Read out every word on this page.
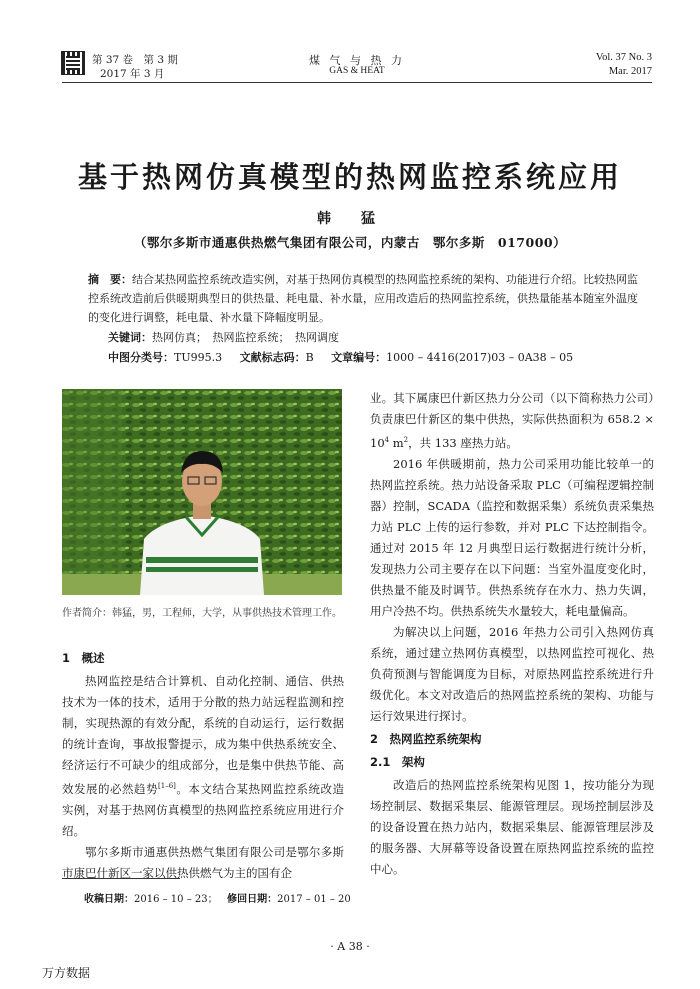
第 37 卷　第 3 期
2017 年 3 月
煤 气 与 热 力
GAS & HEAT
Vol. 37 No. 3
Mar. 2017
基于热网仿真模型的热网监控系统应用
韩　猛
（鄂尔多斯市通惠供热燃气集团有限公司，内蒙古　鄂尔多斯　017000）
摘　要：结合某热网监控系统改造实例，对基于热网仿真模型的热网监控系统的架构、功能进行介绍。比较热网监控系统改造前后供暖期典型日的供热量、耗电量、补水量，应用改造后的热网监控系统，供热量能基本随室外温度的变化进行调整，耗电量、补水量下降幅度明显。
关键词：热网仿真；　热网监控系统；　热网调度
中图分类号：TU995.3 文献标志码：B 文章编号：1000 – 4416(2017)03 – 0A38 – 05
作者简介：韩猛，男，工程师，大学，从事供热技术管理工作。

1　概述

热网监控是结合计算机、自动化控制、通信、供热技术为一体的技术，适用于分散的热力站远程监测和控制，实现热源的有效分配，系统的自动运行，运行数据的统计查询，事故报警提示，成为集中供热系统安全、经济运行不可缺少的组成部分，也是集中供热节能、高效发展的必然趋势[1–6]。本文结合某热网监控系统改造实例，对基于热网仿真模型的热网监控系统应用进行介绍。

鄂尔多斯市通惠供热燃气集团有限公司是鄂尔多斯市康巴什新区一家以供热供燃气为主的国有企

业。其下属康巴什新区热力分公司（以下简称热力公司）负责康巴什新区的集中供热，实际供热面积为 $658.2 \times 10^4$ $m^2$，共 133 座热力站。

2016 年供暖期前，热力公司采用功能比较单一的热网监控系统。热力站设备采取 PLC（可编程逻辑控制器）控制，SCADA（监控和数据采集）系统负责采集热力站 PLC 上传的运行参数，并对 PLC 下达控制指令。通过对 2015 年 12 月典型日运行数据进行统计分析，发现热力公司主要存在以下问题：当室外温度变化时，供热量不能及时调节。供热系统存在水力、热力失调，用户冷热不均。供热系统失水量较大，耗电量偏高。

为解决以上问题，2016 年热力公司引入热网仿真系统，通过建立热网仿真模型，以热网监控可视化、热负荷预测与智能调度为目标，对原热网监控系统进行升级优化。本文对改造后的热网监控系统的架构、功能与运行效果进行探讨。

2　热网监控系统架构

2.1　架构

改造后的热网监控系统架构见图 1，按功能分为现场控制层、数据采集层、能源管理层。现场控制层涉及的设备设置在热力站内，数据采集层、能源管理层涉及的服务器、大屏幕等设备设置在原热网监控系统的监控中心。

收稿日期：2016 – 10 – 23； 修回日期：2017 – 01 – 20
· A 38 ·
万方数据
